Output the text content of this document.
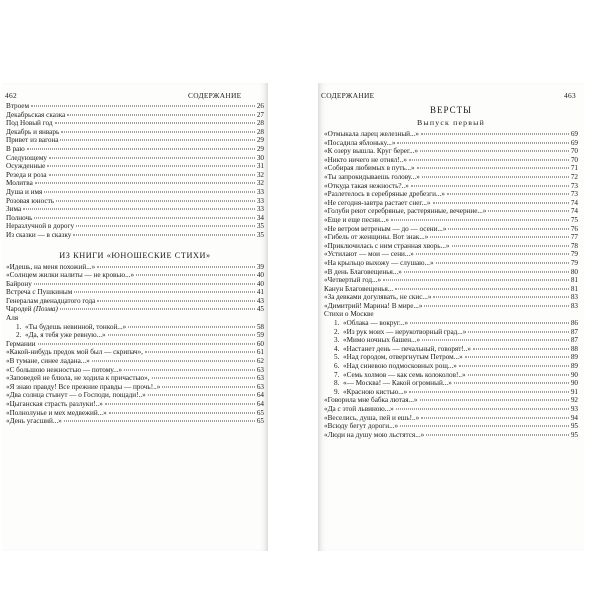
462	СОДЕРЖАНИЕ
Втроем	26
Декабрьская сказка	27
Под Новый год	28
Декабрь и январь	28
Привет из вагона	29
В раю	29
Следующему	30
Осужденные	31
Резеда и роза	32
Молитва	32
Душа и имя	33
Розовая юность	33
Зима	33
Полночь	34
Неразлучной в дорогу	35
Из сказки — в сказку	35
ИЗ КНИГИ «ЮНОШЕСКИЕ СТИХИ»
«Идешь, на меня похожий...»	39
«Солнцем жилки налиты — не кровью...»	40
Байрону	40
Встреча с Пушкиным	41
Генералам двенадцатого года	43
Чародей (Поэма)	45
Аля
1. «Ты будешь невинной, тонкой...»	58
2. «Да, я тебя уже ревную...»	59
Германии	60
«Какой-нибудь предок мой был — скрипач»,	61
«В тумане, синее ладана...»	62
«С большою нежностью — потому...»	63
«Заповедей не блюла, не ходила к причастью»,	63
«Я знаю правду! Все прежние правды — прочь!..»	63
«Два солнца стынут — о Господи, пощади!..»	64
«Цыганская страсть разлуки!..»	64
«Полнолунье и мех медвежий...»	65
«День угасший...»	65
СОДЕРЖАНИЕ	463
ВЕРСТЫ
Выпуск первый
«Отмыкала ларец железный...»	69
«Посадила яблоньку...»	69
«К озеру вышла. Круг берег...»	70
«Никто ничего не отнял!..»	70
«Собирая любимых в путь...»	71
«Ты запрокидываешь голову...»	72
«Откуда такая нежность?..»	73
«Разлетелось в серебряные дребезги...»	73
«Не сегодня-завтра растает снег...»	74
«Голуби реют серебряные, растерянные, вечерние...»	74
«Еще и еще песни...»	75
«Не ветром ветреным — до — осени...»	76
«Гибель от женщины. Вот знак...»	77
«Приключилась с ним странная хворь...»	78
«Устилают — мои — сени...»	79
«На крыльцо выхожу — слушаю...»	79
«В день Благовещенья...»	80
«Четвертый год...»	81
Канун Благовещенья...	81
«За девками догулявать, не скис...»	83
«Димитрий! Марина! В мире...»	83
Стихи о Москве
1. «Облака — вокруг...»	86
2. «Из рук моих — нерукотворный град...»	87
3. «Мимо ночных башен...»	87
4. «Настанет день — печальный, говорят!..»	88
5. «Над городом, отвергнутым Петром...»	89
6. «Над синевою подмосковных рощ...»	89
7. «Семь холмов — как семь колоколов!..»	90
8. «— Москва! — Какой огромный...»	90
9. «Красною кистью...»	91
«Говорила мне бабка лютая...»	92
«Да с этой львиною...»	93
«Веселись, душа, пей и ешь!..»	94
«Всюду бегут дороги...»	95
«Люди на душу мою льстятся...»	95
